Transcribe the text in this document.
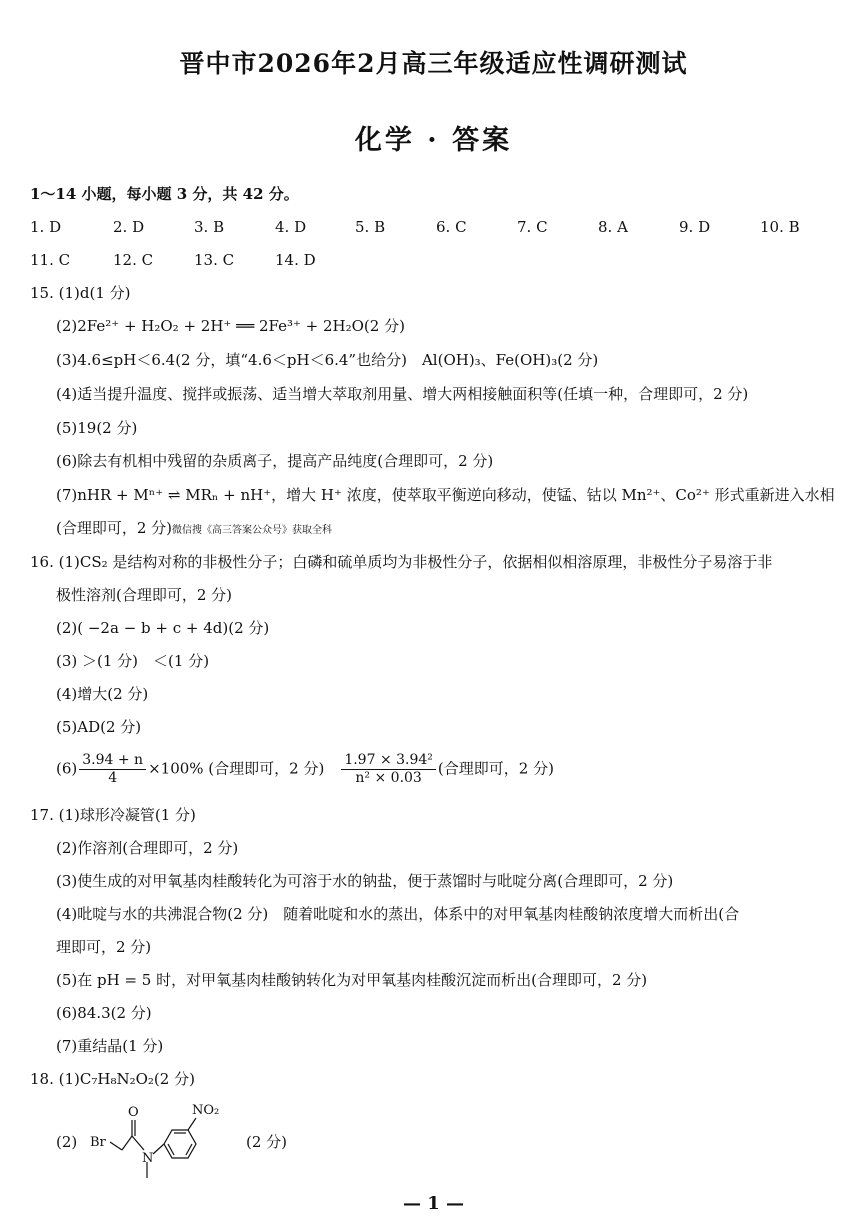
晋中市2026年2月高三年级适应性调研测试
化学 · 答案
1～14 小题，每小题 3 分，共 42 分。
1. D	2. D	3. B	4. D	5. B	6. C	7. C	8. A	9. D	10. B
11. C	12. C	13. C	14. D
15. (1)d(1 分)
(2)2Fe²⁺ + H₂O₂ + 2H⁺ ══ 2Fe³⁺ + 2H₂O(2 分)
(3)4.6≤pH＜6.4(2 分，填“4.6＜pH＜6.4”也给分)　Al(OH)₃、Fe(OH)₃(2 分)
(4)适当提升温度、搅拌或振荡、适当增大萃取剂用量、增大两相接触面积等(任填一种，合理即可，2 分)
(5)19(2 分)
(6)除去有机相中残留的杂质离子，提高产品纯度(合理即可，2 分)
(7)nHR + Mⁿ⁺ ⇌ MRₙ + nH⁺，增大 H⁺ 浓度，使萃取平衡逆向移动，使锰、钴以 Mn²⁺、Co²⁺ 形式重新进入水相
(合理即可，2 分)微信搜《高三答案公众号》获取全科
16. (1)CS₂ 是结构对称的非极性分子；白磷和硫单质均为非极性分子，依据相似相溶原理，非极性分子易溶于非
极性溶剂(合理即可，2 分)
(2)( −2a − b + c + 4d)(2 分)
(3) ＞(1 分)　＜(1 分)
(4)增大(2 分)
(5)AD(2 分)
$(6) \frac{3.94 + n}{4} \times 100\%$ (合理即可，2 分)  $\frac{\text{1.97 × 3.94²}}{\text{n² × 0.03}}$ (合理即可，2 分)
17. (1)球形冷凝管(1 分)
(2)作溶剂(合理即可，2 分)
(3)使生成的对甲氧基肉桂酸转化为可溶于水的钠盐，便于蒸馏时与吡啶分离(合理即可，2 分)
(4)吡啶与水的共沸混合物(2 分)　随着吡啶和水的蒸出，体系中的对甲氧基肉桂酸钠浓度增大而析出(合
理即可，2 分)
(5)在 pH = 5 时，对甲氧基肉桂酸钠转化为对甲氧基肉桂酸沉淀而析出(合理即可，2 分)
(6)84.3(2 分)
(7)重结晶(1 分)
18. (1)C₇H₈N₂O₂(2 分)
(2) Br
O
N
NO₂
(2 分)
— 1 —
